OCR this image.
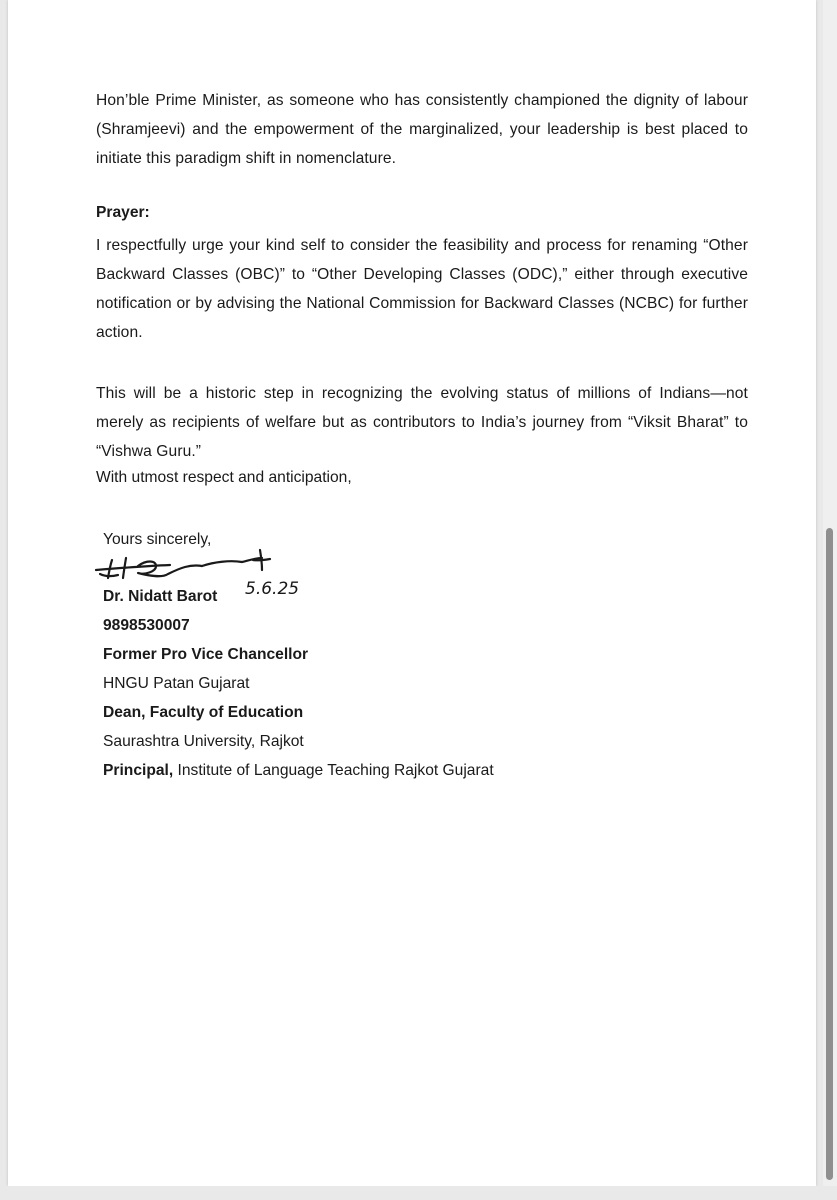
Hon’ble Prime Minister, as someone who has consistently championed the dignity of labour (Shramjeevi) and the empowerment of the marginalized, your leadership is best placed to initiate this paradigm shift in nomenclature.

Prayer:

I respectfully urge your kind self to consider the feasibility and process for renaming “Other Backward Classes (OBC)” to “Other Developing Classes (ODC),” either through executive notification or by advising the National Commission for Backward Classes (NCBC) for further action.

This will be a historic step in recognizing the evolving status of millions of Indians—not merely as recipients of welfare but as contributors to India’s journey from “Viksit Bharat” to “Vishwa Guru.”

With utmost respect and anticipation,
Yours sincerely,
5.6.25
Dr. Nidatt Barot
9898530007
Former Pro Vice Chancellor
HNGU Patan Gujarat
Dean, Faculty of Education
Saurashtra University, Rajkot
Principal, Institute of Language Teaching Rajkot Gujarat
